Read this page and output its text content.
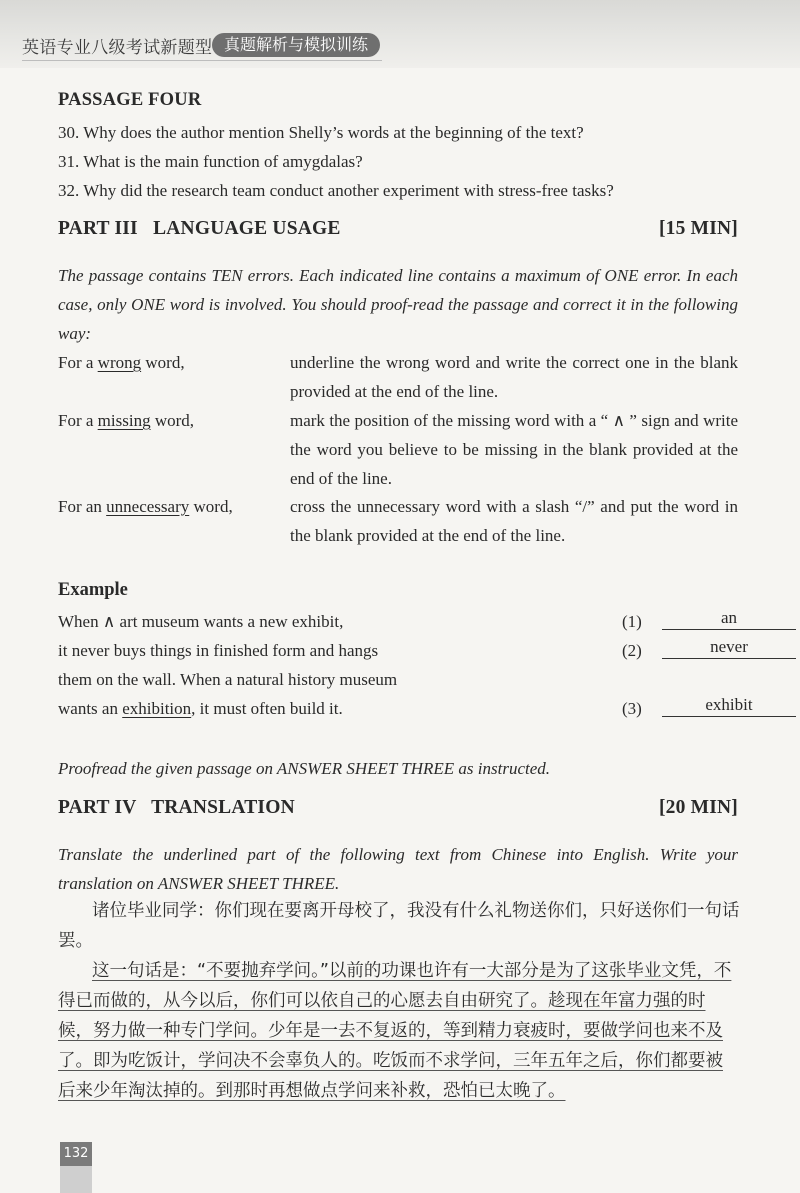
英语专业八级考试新题型 真题解析与模拟训练
PASSAGE FOUR
30. Why does the author mention Shelly’s words at the beginning of the text?
31. What is the main function of amygdalas?
32. Why did the research team conduct another experiment with stress-free tasks?
PART III   LANGUAGE USAGE	[15 MIN]
The passage contains TEN errors. Each indicated line contains a maximum of ONE error. In each case, only ONE word is involved. You should proof-read the passage and correct it in the following way:
For a wrong word,	underline the wrong word and write the correct one in the blank provided at the end of the line.
For a missing word,	mark the position of the missing word with a “ ∧ ” sign and write the word you believe to be missing in the blank provided at the end of the line.
For an unnecessary word,	cross the unnecessary word with a slash “/” and put the word in the blank provided at the end of the line.
Example
When ∧ art museum wants a new exhibit,	(1)	an
it never buys things in finished form and hangs	(2)	never
them on the wall. When a natural history museum
wants an exhibition, it must often build it.	(3)	exhibit
Proofread the given passage on ANSWER SHEET THREE as instructed.
PART IV   TRANSLATION	[20 MIN]
Translate the underlined part of the following text from Chinese into English. Write your translation on ANSWER SHEET THREE.
诸位毕业同学：你们现在要离开母校了，我没有什么礼物送你们，只好送你们一句话罢。
这一句话是：“不要抛弃学问。”以前的功课也许有一大部分是为了这张毕业文凭，不得已而做的，从今以后，你们可以依自己的心愿去自由研究了。趁现在年富力强的时候，努力做一种专门学问。少年是一去不复返的，等到精力衰疲时，要做学问也来不及了。即为吃饭计，学问决不会辜负人的。吃饭而不求学问，三年五年之后，你们都要被后来少年淘汰掉的。到那时再想做点学问来补救，恐怕已太晚了。
132
